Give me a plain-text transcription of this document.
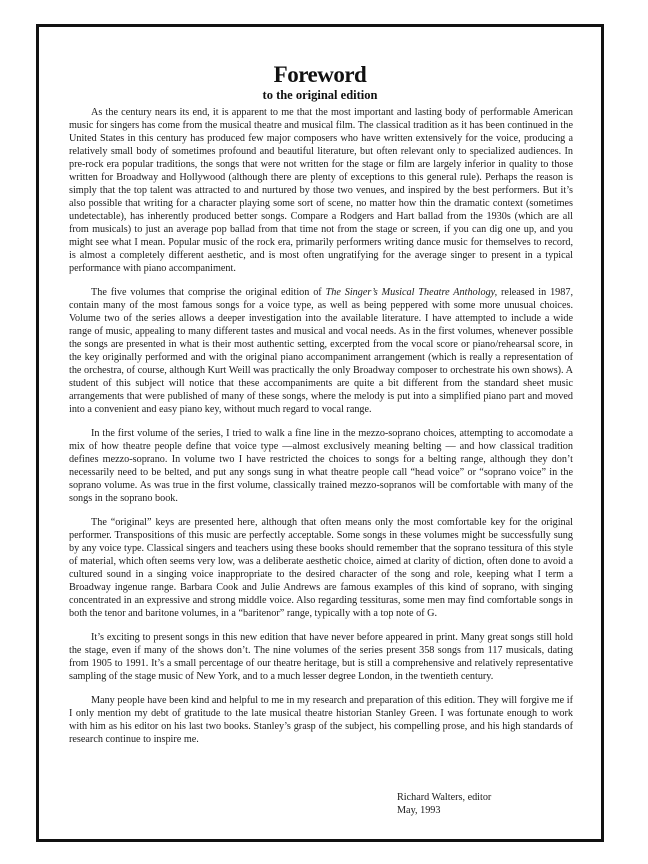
Foreword
to the original edition

As the century nears its end, it is apparent to me that the most important and lasting body of performable American music for singers has come from the musical theatre and musical film. The classical tradition as it has been continued in the United States in this century has produced few major composers who have written extensively for the voice, producing a relatively small body of sometimes profound and beautiful literature, but often relevant only to specialized audiences. In pre-rock era popular traditions, the songs that were not written for the stage or film are largely inferior in quality to those written for Broadway and Hollywood (although there are plenty of exceptions to this general rule). Perhaps the reason is simply that the top talent was attracted to and nurtured by those two venues, and inspired by the best performers. But it’s also possible that writing for a character playing some sort of scene, no matter how thin the dramatic context (sometimes undetectable), has inherently produced better songs. Compare a Rodgers and Hart ballad from the 1930s (which are all from musicals) to just an average pop ballad from that time not from the stage or screen, if you can dig one up, and you might see what I mean. Popular music of the rock era, primarily performers writing dance music for themselves to record, is almost a completely different aesthetic, and is most often ungratifying for the average singer to present in a typical performance with piano accompaniment.

The five volumes that comprise the original edition of The Singer’s Musical Theatre Anthology, released in 1987, contain many of the most famous songs for a voice type, as well as being peppered with some more unusual choices. Volume two of the series allows a deeper investigation into the available literature. I have attempted to include a wide range of music, appealing to many different tastes and musical and vocal needs. As in the first volumes, whenever possible the songs are presented in what is their most authentic setting, excerpted from the vocal score or piano/rehearsal score, in the key originally performed and with the original piano accompaniment arrangement (which is really a representation of the orchestra, of course, although Kurt Weill was practically the only Broadway composer to orchestrate his own shows). A student of this subject will notice that these accompaniments are quite a bit different from the standard sheet music arrangements that were published of many of these songs, where the melody is put into a simplified piano part and moved into a convenient and easy piano key, without much regard to vocal range.

In the first volume of the series, I tried to walk a fine line in the mezzo-soprano choices, attempting to accomodate a mix of how theatre people define that voice type —almost exclusively meaning belting — and how classical tradition defines mezzo-soprano. In volume two I have restricted the choices to songs for a belting range, although they don’t necessarily need to be belted, and put any songs sung in what theatre people call “head voice” or “soprano voice” in the soprano volume. As was true in the first volume, classically trained mezzo-sopranos will be comfortable with many of the songs in the soprano book.

The “original” keys are presented here, although that often means only the most comfortable key for the original performer. Transpositions of this music are perfectly acceptable. Some songs in these volumes might be successfully sung by any voice type. Classical singers and teachers using these books should remember that the soprano tessitura of this style of material, which often seems very low, was a deliberate aesthetic choice, aimed at clarity of diction, often done to avoid a cultured sound in a singing voice inappropriate to the desired character of the song and role, keeping what I term a Broadway ingenue range. Barbara Cook and Julie Andrews are famous examples of this kind of soprano, with singing concentrated in an expressive and strong middle voice. Also regarding tessituras, some men may find comfortable songs in both the tenor and baritone volumes, in a “baritenor” range, typically with a top note of G.

It’s exciting to present songs in this new edition that have never before appeared in print. Many great songs still hold the stage, even if many of the shows don’t. The nine volumes of the series present 358 songs from 117 musicals, dating from 1905 to 1991. It’s a small percentage of our theatre heritage, but is still a comprehensive and relatively representative sampling of the stage music of New York, and to a much lesser degree London, in the twentieth century.

Many people have been kind and helpful to me in my research and preparation of this edition. They will forgive me if I only mention my debt of gratitude to the late musical theatre historian Stanley Green. I was fortunate enough to work with him as his editor on his last two books. Stanley’s grasp of the subject, his compelling prose, and his high standards of research continue to inspire me.

Richard Walters, editor
May, 1993
